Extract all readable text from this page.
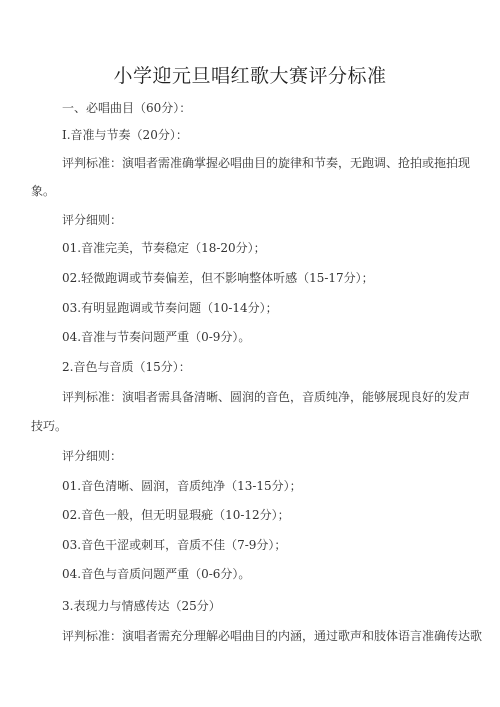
小学迎元旦唱红歌大赛评分标准
一、必唱曲目（60分）：
I.音准与节奏（20分）：
评判标准：演唱者需准确掌握必唱曲目的旋律和节奏，无跑调、抢拍或拖拍现
象。
评分细则：
01.音准完美，节奏稳定（18-20分）；
02.轻微跑调或节奏偏差，但不影响整体听感（15-17分）；
03.有明显跑调或节奏问题（10-14分）；
04.音准与节奏问题严重（0-9分）。
2.音色与音质（15分）：
评判标准：演唱者需具备清晰、圆润的音色，音质纯净，能够展现良好的发声
技巧。
评分细则：
01.音色清晰、圆润，音质纯净（13-15分）；
02.音色一般，但无明显瑕疵（10-12分）；
03.音色干涩或刺耳，音质不佳（7-9分）；
04.音色与音质问题严重（0-6分）。
3.表现力与情感传达（25分）
评判标准：演唱者需充分理解必唱曲目的内涵，通过歌声和肢体语言准确传达歌
